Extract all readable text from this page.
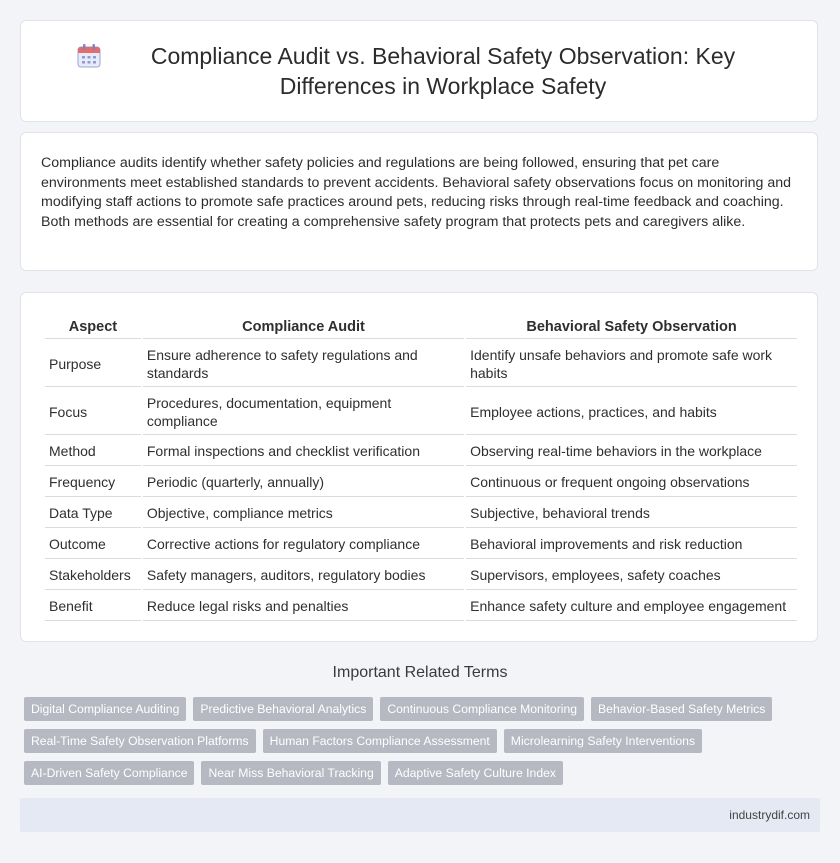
Compliance Audit vs. Behavioral Safety Observation: Key Differences in Workplace Safety

Compliance audits identify whether safety policies and regulations are being followed, ensuring that pet care environments meet established standards to prevent accidents. Behavioral safety observations focus on monitoring and modifying staff actions to promote safe practices around pets, reducing risks through real-time feedback and coaching. Both methods are essential for creating a comprehensive safety program that protects pets and caregivers alike.

Aspect	Compliance Audit	Behavioral Safety Observation
Purpose	Ensure adherence to safety regulations and standards	Identify unsafe behaviors and promote safe work habits
Focus	Procedures, documentation, equipment compliance	Employee actions, practices, and habits
Method	Formal inspections and checklist verification	Observing real-time behaviors in the workplace
Frequency	Periodic (quarterly, annually)	Continuous or frequent ongoing observations
Data Type	Objective, compliance metrics	Subjective, behavioral trends
Outcome	Corrective actions for regulatory compliance	Behavioral improvements and risk reduction
Stakeholders	Safety managers, auditors, regulatory bodies	Supervisors, employees, safety coaches
Benefit	Reduce legal risks and penalties	Enhance safety culture and employee engagement
Important Related Terms
Digital Compliance Auditing	Predictive Behavioral Analytics	Continuous Compliance Monitoring	Behavior-Based Safety Metrics
Real-Time Safety Observation Platforms	Human Factors Compliance Assessment	Microlearning Safety Interventions
AI-Driven Safety Compliance	Near Miss Behavioral Tracking	Adaptive Safety Culture Index
industrydif.com
